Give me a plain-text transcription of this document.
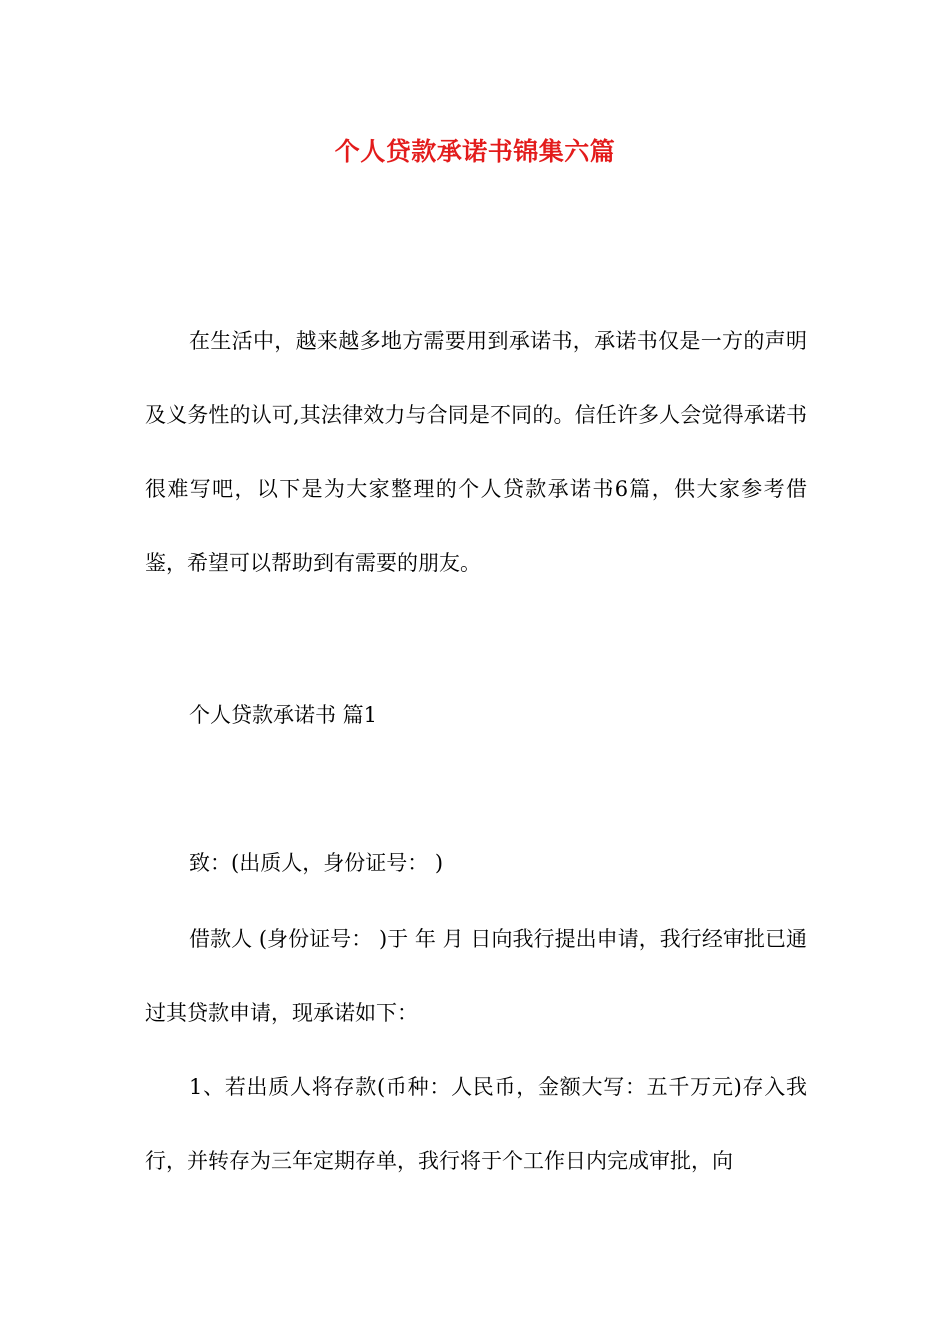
个人贷款承诺书锦集六篇

在生活中，越来越多地方需要用到承诺书，承诺书仅是一方的声明及义务性的认可,其法律效力与合同是不同的。信任许多人会觉得承诺书很难写吧，以下是为大家整理的个人贷款承诺书6篇，供大家参考借鉴，希望可以帮助到有需要的朋友。

个人贷款承诺书 篇1

致：(出质人，身份证号： )

借款人 (身份证号： )于 年 月 日向我行提出申请，我行经审批已通过其贷款申请，现承诺如下：

1、若出质人将存款(币种：人民币，金额大写：五千万元)存入我行，并转存为三年定期存单，我行将于个工作日内完成审批，向
